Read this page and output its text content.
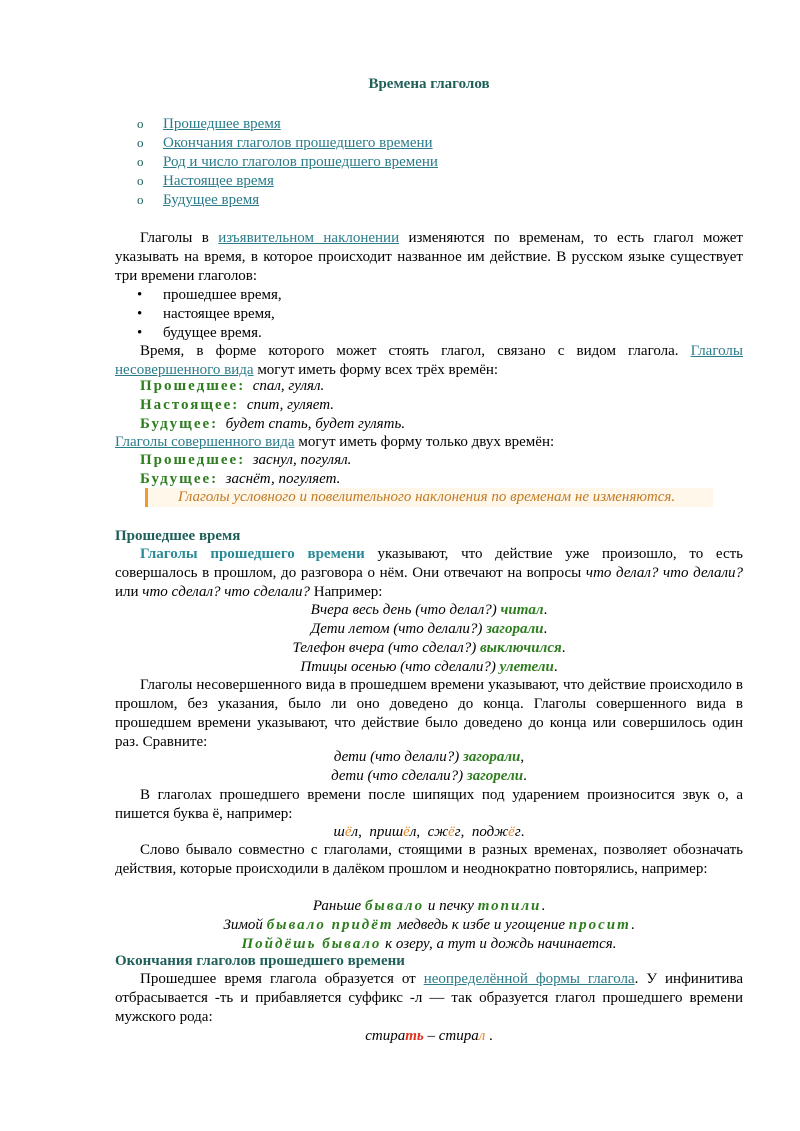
Времена глаголов
o Прошедшее время
o Окончания глаголов прошедшего времени
o Род и число глаголов прошедшего времени
o Настоящее время
o Будущее время
Глаголы в изъявительном наклонении изменяются по временам, то есть глагол может указывать на время, в которое происходит названное им действие. В русском языке существует три времени глаголов:
• прошедшее время,
• настоящее время,
• будущее время.
Время, в форме которого может стоять глагол, связано с видом глагола. Глаголы несовершенного вида могут иметь форму всех трёх времён:
Прошедшее: спал, гулял.
Настоящее: спит, гуляет.
Будущее: будет спать, будет гулять.
Глаголы совершенного вида могут иметь форму только двух времён:
Прошедшее: заснул, погулял.
Будущее: заснёт, погуляет.
Глаголы условного и повелительного наклонения по временам не изменяются.
Прошедшее время
Глаголы прошедшего времени указывают, что действие уже произошло, то есть совершалось в прошлом, до разговора о нём. Они отвечают на вопросы что делал? что делали? или что сделал? что сделали? Например:
Вчера весь день (что делал?) читал.
Дети летом (что делали?) загорали.
Телефон вчера (что сделал?) выключился.
Птицы осенью (что сделали?) улетели.
Глаголы несовершенного вида в прошедшем времени указывают, что действие происходило в прошлом, без указания, было ли оно доведено до конца. Глаголы совершенного вида в прошедшем времени указывают, что действие было доведено до конца или совершилось один раз. Сравните:
дети (что делали?) загорали,
дети (что сделали?) загорели.
В глаголах прошедшего времени после шипящих под ударением произносится звук о, а пишется буква ё, например:
шёл,  пришёл,  сжёг,  поджёг.
Слово бывало совместно с глаголами, стоящими в разных временах, позволяет обозначать действия, которые происходили в далёком прошлом и неоднократно повторялись, например:
Раньше бывало и печку топили.
Зимой бывало придёт медведь к избе и угощение просит.
Пойдёшь бывало к озеру, а тут и дождь начинается.
Окончания глаголов прошедшего времени
Прошедшее время глагола образуется от неопределённой формы глагола. У инфинитива отбрасывается -ть и прибавляется суффикс -л — так образуется глагол прошедшего времени мужского рода:
стирать – стирал .
